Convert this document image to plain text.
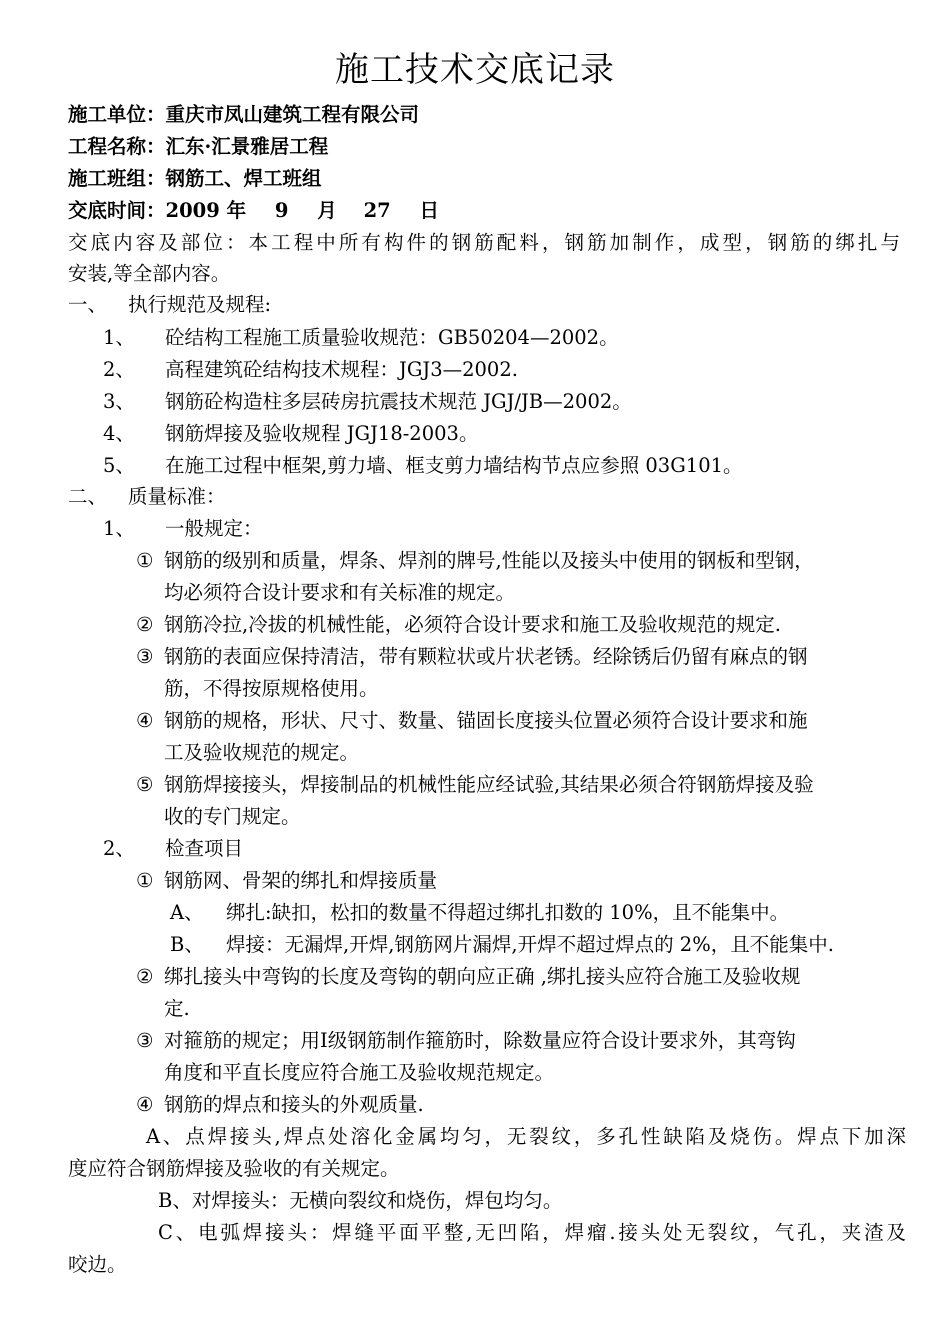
施工技术交底记录
施工单位：重庆市凤山建筑工程有限公司
工程名称：汇东·汇景雅居工程
施工班组：钢筋工、焊工班组
交底时间：2009 年 9 月 27 日
交底内容及部位：本工程中所有构件的钢筋配料，钢筋加制作，成型，钢筋的绑扎与
安装,等全部内容。
一、 执行规范及规程:
1、 砼结构工程施工质量验收规范：GB50204—2002。
2、 高程建筑砼结构技术规程：JGJ3—2002.
3、 钢筋砼构造柱多层砖房抗震技术规范 JGJ/JB—2002。
4、 钢筋焊接及验收规程 JGJ18-2003。
5、 在施工过程中框架,剪力墙、框支剪力墙结构节点应参照 03G101。
二、 质量标准：
1、 一般规定：
① 钢筋的级别和质量，焊条、焊剂的牌号,性能以及接头中使用的钢板和型钢，
均必须符合设计要求和有关标准的规定。
② 钢筋冷拉,冷拔的机械性能，必须符合设计要求和施工及验收规范的规定.
③ 钢筋的表面应保持清洁，带有颗粒状或片状老锈。经除锈后仍留有麻点的钢
筋，不得按原规格使用。
④ 钢筋的规格，形状、尺寸、数量、锚固长度接头位置必须符合设计要求和施
工及验收规范的规定。
⑤ 钢筋焊接接头，焊接制品的机械性能应经试验,其结果必须合符钢筋焊接及验
收的专门规定。
2、 检查项目
① 钢筋网、骨架的绑扎和焊接质量
A、 绑扎:缺扣，松扣的数量不得超过绑扎扣数的 10%，且不能集中。
B、 焊接：无漏焊,开焊,钢筋网片漏焊,开焊不超过焊点的 2%，且不能集中.
② 绑扎接头中弯钩的长度及弯钩的朝向应正确 ,绑扎接头应符合施工及验收规
定.
③ 对箍筋的规定；用Ⅰ级钢筋制作箍筋时，除数量应符合设计要求外，其弯钩
角度和平直长度应符合施工及验收规范规定。
④ 钢筋的焊点和接头的外观质量.
A、点焊接头,焊点处溶化金属均匀，无裂纹，多孔性缺陷及烧伤。焊点下加深
度应符合钢筋焊接及验收的有关规定。
B、对焊接头：无横向裂纹和烧伤，焊包均匀。
C、电弧焊接头：焊缝平面平整,无凹陷，焊瘤.接头处无裂纹，气孔，夹渣及
咬边。
